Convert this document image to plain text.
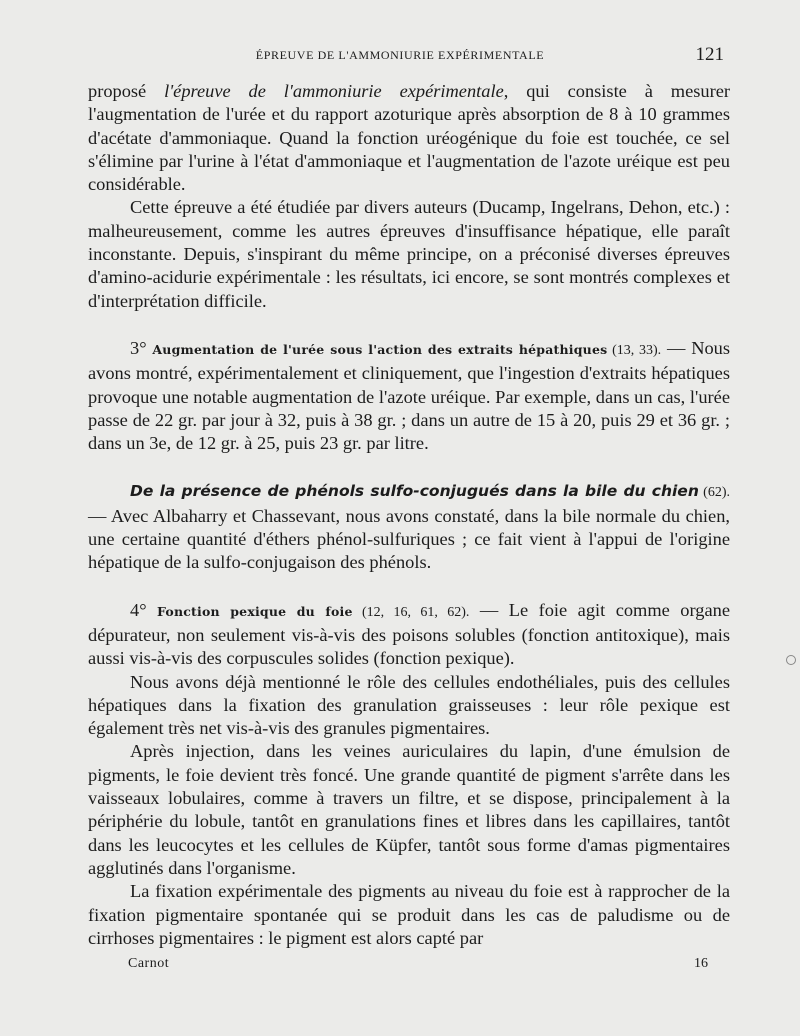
ÉPREUVE DE L'AMMONIURIE EXPÉRIMENTALE	121

proposé l'épreuve de l'ammoniurie expérimentale, qui consiste à mesurer l'augmentation de l'urée et du rapport azoturique après absorption de 8 à 10 grammes d'acétate d'ammoniaque. Quand la fonction uréogénique du foie est touchée, ce sel s'élimine par l'urine à l'état d'ammoniaque et l'augmentation de l'azote uréique est peu considérable.

Cette épreuve a été étudiée par divers auteurs (Ducamp, Ingelrans, Dehon, etc.) : malheureusement, comme les autres épreuves d'insuffisance hépatique, elle paraît inconstante. Depuis, s'inspirant du même principe, on a préconisé diverses épreuves d'amino-acidurie expérimentale : les résultats, ici encore, se sont montrés complexes et d'interprétation difficile.

3° Augmentation de l'urée sous l'action des extraits hépathiques (13, 33). — Nous avons montré, expérimentalement et cliniquement, que l'ingestion d'extraits hépatiques provoque une notable augmentation de l'azote uréique. Par exemple, dans un cas, l'urée passe de 22 gr. par jour à 32, puis à 38 gr. ; dans un autre de 15 à 20, puis 29 et 36 gr. ; dans un 3e, de 12 gr. à 25, puis 23 gr. par litre.

De la présence de phénols sulfo-conjugués dans la bile du chien (62). — Avec Albaharry et Chassevant, nous avons constaté, dans la bile normale du chien, une certaine quantité d'éthers phénol-sulfuriques ; ce fait vient à l'appui de l'origine hépatique de la sulfo-conjugaison des phénols.

4° Fonction pexique du foie (12, 16, 61, 62). — Le foie agit comme organe dépurateur, non seulement vis-à-vis des poisons solubles (fonction antitoxique), mais aussi vis-à-vis des corpuscules solides (fonction pexique).

Nous avons déjà mentionné le rôle des cellules endothéliales, puis des cellules hépatiques dans la fixation des granulation graisseuses : leur rôle pexique est également très net vis-à-vis des granules pigmentaires.

Après injection, dans les veines auriculaires du lapin, d'une émulsion de pigments, le foie devient très foncé. Une grande quantité de pigment s'arrête dans les vaisseaux lobulaires, comme à travers un filtre, et se dispose, principalement à la périphérie du lobule, tantôt en granulations fines et libres dans les capillaires, tantôt dans les leucocytes et les cellules de Küpfer, tantôt sous forme d'amas pigmentaires agglutinés dans l'organisme.

La fixation expérimentale des pigments au niveau du foie est à rapprocher de la fixation pigmentaire spontanée qui se produit dans les cas de paludisme ou de cirrhoses pigmentaires : le pigment est alors capté par

Carnot	16
